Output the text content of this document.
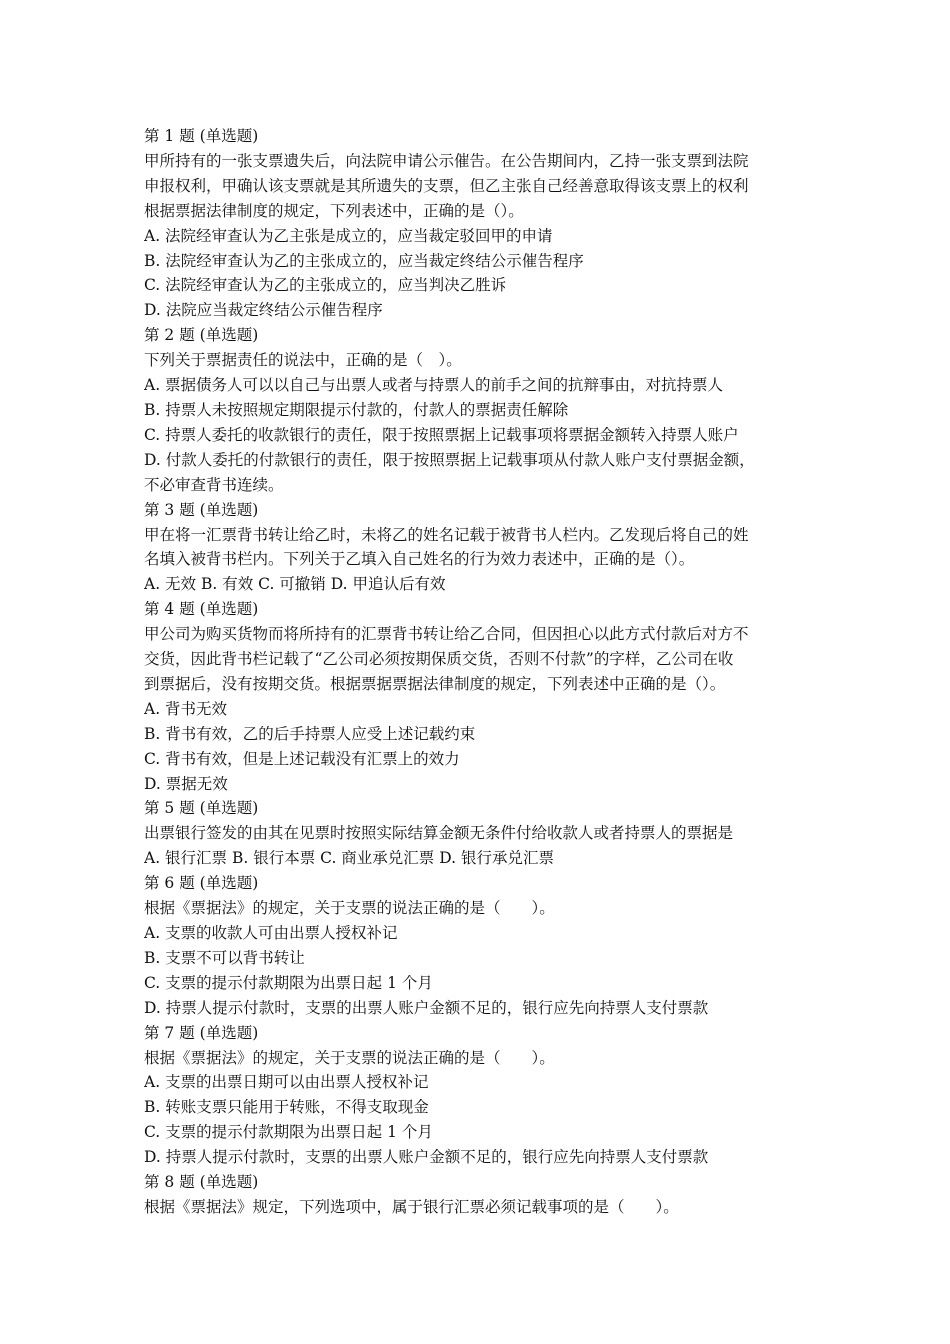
第 1 题 (单选题)
甲所持有的一张支票遗失后，向法院申请公示催告。在公告期间内，乙持一张支票到法院
申报权利，甲确认该支票就是其所遗失的支票，但乙主张自己经善意取得该支票上的权利
根据票据法律制度的规定，下列表述中，正确的是（）。
A. 法院经审查认为乙主张是成立的，应当裁定驳回甲的申请
B. 法院经审查认为乙的主张成立的，应当裁定终结公示催告程序
C. 法院经审查认为乙的主张成立的，应当判决乙胜诉
D. 法院应当裁定终结公示催告程序
第 2 题 (单选题)
下列关于票据责任的说法中，正确的是（　）。
A. 票据债务人可以以自己与出票人或者与持票人的前手之间的抗辩事由，对抗持票人
B. 持票人未按照规定期限提示付款的，付款人的票据责任解除
C. 持票人委托的收款银行的责任，限于按照票据上记载事项将票据金额转入持票人账户
D. 付款人委托的付款银行的责任，限于按照票据上记载事项从付款人账户支付票据金额，
不必审查背书连续。
第 3 题 (单选题)
甲在将一汇票背书转让给乙时，未将乙的姓名记载于被背书人栏内。乙发现后将自己的姓
名填入被背书栏内。下列关于乙填入自己姓名的行为效力表述中，正确的是（）。
A. 无效 B. 有效 C. 可撤销 D. 甲追认后有效
第 4 题 (单选题)
甲公司为购买货物而将所持有的汇票背书转让给乙合同，但因担心以此方式付款后对方不
交货，因此背书栏记载了“乙公司必须按期保质交货，否则不付款”的字样，乙公司在收
到票据后，没有按期交货。根据票据票据法律制度的规定，下列表述中正确的是（）。
A. 背书无效
B. 背书有效，乙的后手持票人应受上述记载约束
C. 背书有效，但是上述记载没有汇票上的效力
D. 票据无效
第 5 题 (单选题)
出票银行签发的由其在见票时按照实际结算金额无条件付给收款人或者持票人的票据是
A. 银行汇票 B. 银行本票 C. 商业承兑汇票 D. 银行承兑汇票
第 6 题 (单选题)
根据《票据法》的规定，关于支票的说法正确的是（　　）。
A. 支票的收款人可由出票人授权补记
B. 支票不可以背书转让
C. 支票的提示付款期限为出票日起 1 个月
D. 持票人提示付款时，支票的出票人账户金额不足的，银行应先向持票人支付票款
第 7 题 (单选题)
根据《票据法》的规定，关于支票的说法正确的是（　　）。
A. 支票的出票日期可以由出票人授权补记
B. 转账支票只能用于转账，不得支取现金
C. 支票的提示付款期限为出票日起 1 个月
D. 持票人提示付款时，支票的出票人账户金额不足的，银行应先向持票人支付票款
第 8 题 (单选题)
根据《票据法》规定，下列选项中，属于银行汇票必须记载事项的是（　　）。
